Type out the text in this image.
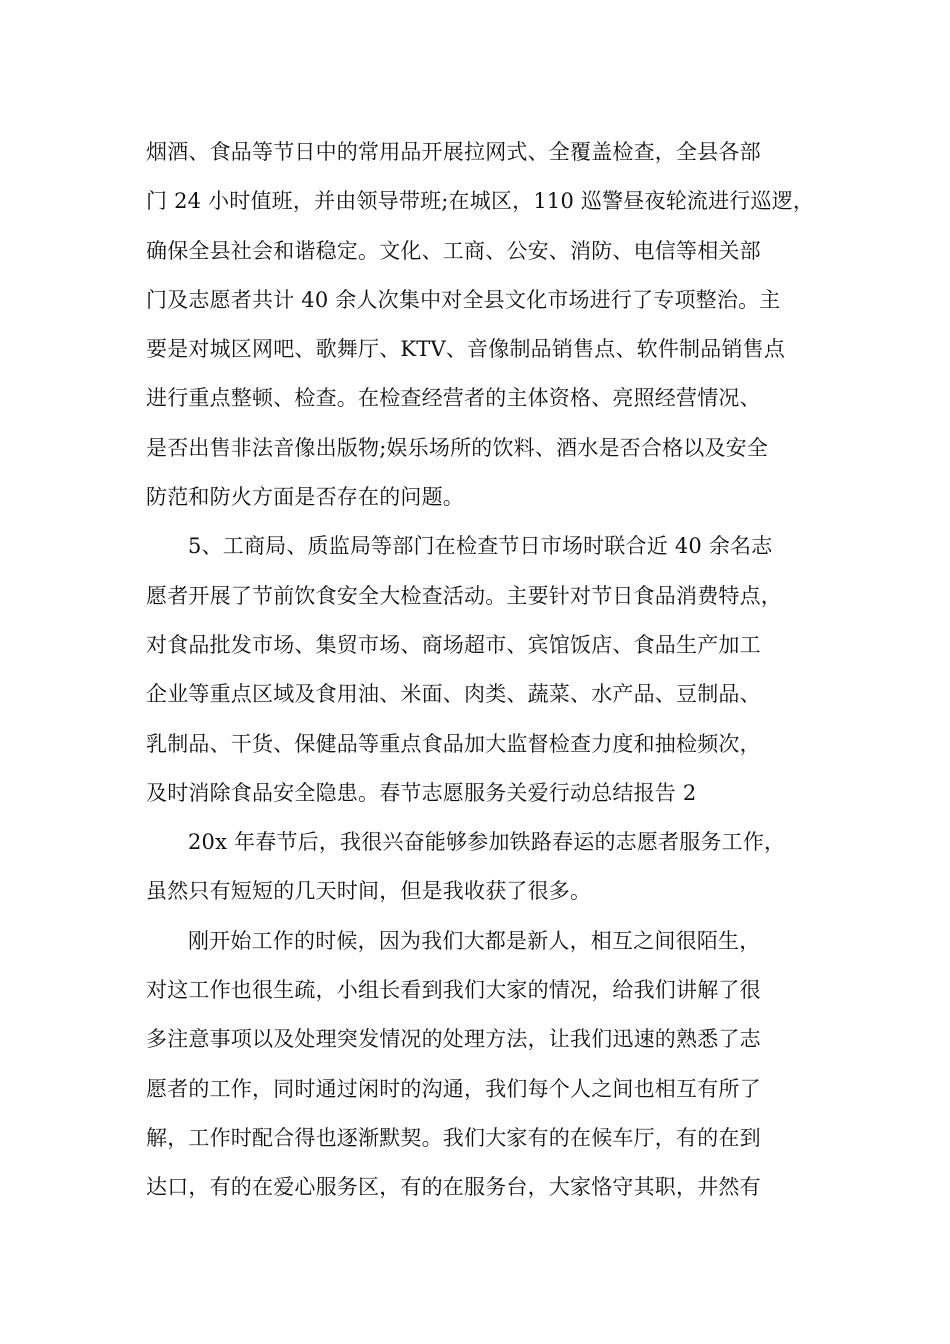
烟酒、食品等节日中的常用品开展拉网式、全覆盖检查，全县各部
门 24 小时值班，并由领导带班;在城区，110 巡警昼夜轮流进行巡逻，
确保全县社会和谐稳定。文化、工商、公安、消防、电信等相关部
门及志愿者共计 40 余人次集中对全县文化市场进行了专项整治。主
要是对城区网吧、歌舞厅、KTV、音像制品销售点、软件制品销售点
进行重点整顿、检查。在检查经营者的主体资格、亮照经营情况、
是否出售非法音像出版物;娱乐场所的饮料、酒水是否合格以及安全
防范和防火方面是否存在的问题。
5、工商局、质监局等部门在检查节日市场时联合近 40 余名志
愿者开展了节前饮食安全大检查活动。主要针对节日食品消费特点，
对食品批发市场、集贸市场、商场超市、宾馆饭店、食品生产加工
企业等重点区域及食用油、米面、肉类、蔬菜、水产品、豆制品、
乳制品、干货、保健品等重点食品加大监督检查力度和抽检频次，
及时消除食品安全隐患。春节志愿服务关爱行动总结报告 2
20x 年春节后，我很兴奋能够参加铁路春运的志愿者服务工作，
虽然只有短短的几天时间，但是我收获了很多。
刚开始工作的时候，因为我们大都是新人，相互之间很陌生，
对这工作也很生疏，小组长看到我们大家的情况，给我们讲解了很
多注意事项以及处理突发情况的处理方法，让我们迅速的熟悉了志
愿者的工作，同时通过闲时的沟通，我们每个人之间也相互有所了
解，工作时配合得也逐渐默契。我们大家有的在候车厅，有的在到
达口，有的在爱心服务区，有的在服务台，大家恪守其职，井然有
